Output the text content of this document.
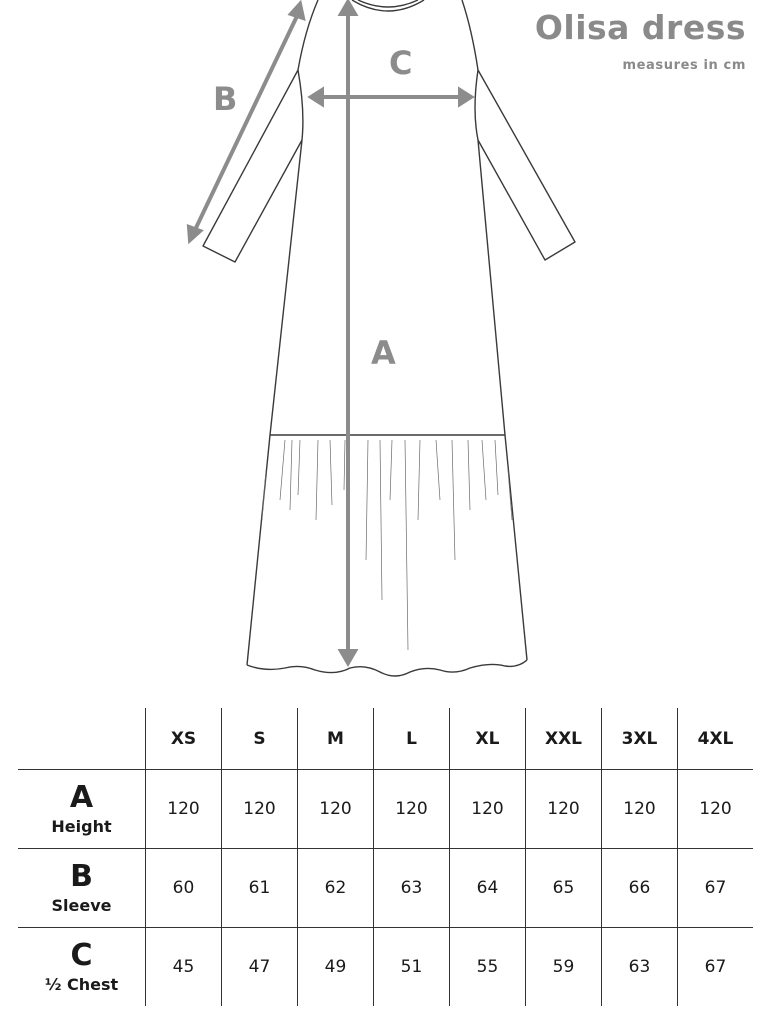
Olisa dress
measures in cm
A
B
C
	XS	S	M	L	XL	XXL	3XL	4XL

A
Height	120	120	120	120	120	120	120	120

B
Sleeve	60	61	62	63	64	65	66	67

C
½ Chest	45	47	49	51	55	59	63	67
